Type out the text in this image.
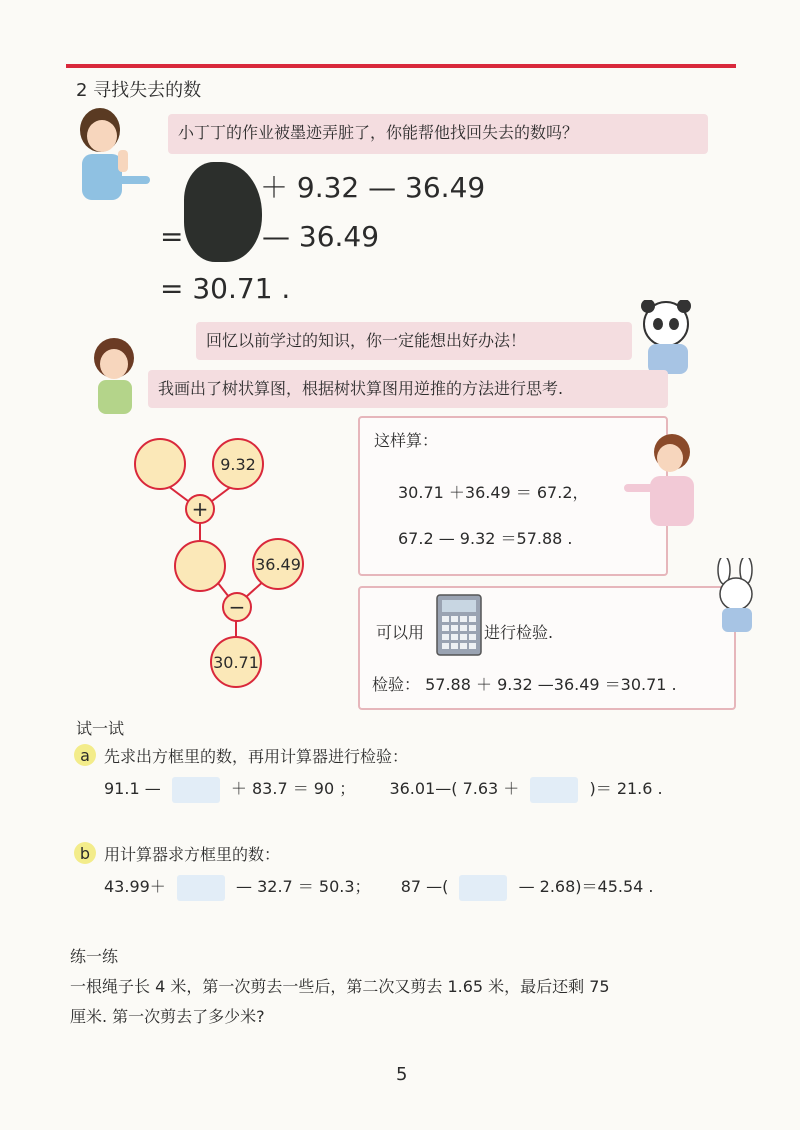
2 寻找失去的数
小丁丁的作业被墨迹弄脏了，你能帮他找回失去的数吗？
＋ 9.32 — 36.49
=	— 36.49
= 30.71 .
回忆以前学过的知识，你一定能想出好办法！
我画出了树状算图，根据树状算图用逆推的方法进行思考.
9.32
+
36.49
−
30.71
这样算：
30.71 ＋36.49 ＝ 67.2，
67.2 — 9.32 ＝57.88 .
可以用	进行检验.
检验： 57.88 ＋ 9.32 —36.49 ＝30.71 .
试一试
a 先求出方框里的数，再用计算器进行检验：
91.1 —	＋ 83.7 ＝ 90 ； 36.01—( 7.63 ＋	)＝ 21.6 .
b 用计算器求方框里的数：
43.99＋	— 32.7 ＝ 50.3； 87 —(	— 2.68)＝45.54 .
练一练
一根绳子长 4 米，第一次剪去一些后，第二次又剪去 1.65 米，最后还剩 75
厘米. 第一次剪去了多少米?
5
